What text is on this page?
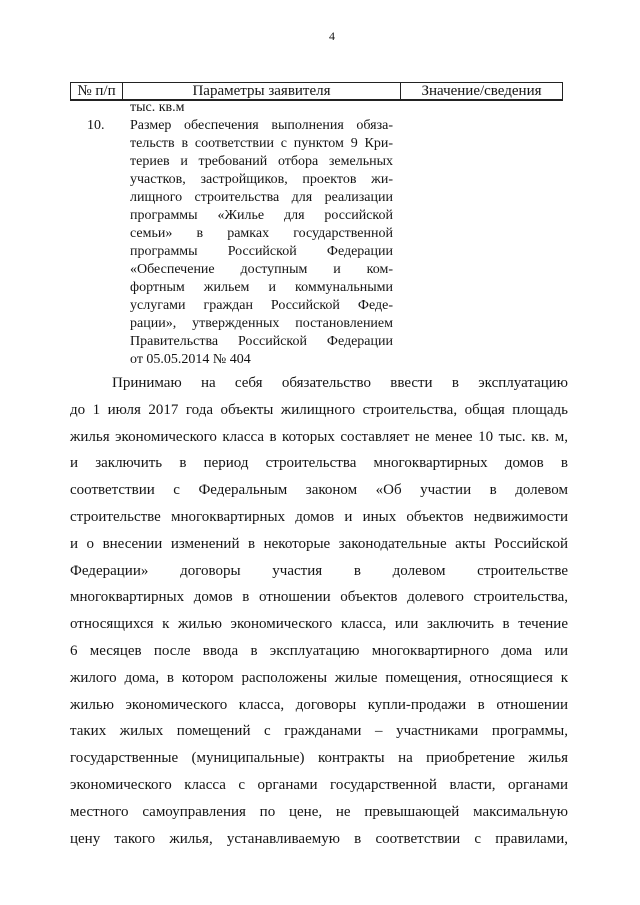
4
№ п/п	Параметры заявителя	Значение/сведения
тыс. кв.м
10. Размер обеспечения выполнения обяза-
тельств в соответствии с пунктом 9 Кри-
териев и требований отбора земельных
участков, застройщиков, проектов жи-
лищного строительства для реализации
программы «Жилье для российской
семьи» в рамках государственной
программы Российской Федерации
«Обеспечение доступным и ком-
фортным жильем и коммунальными
услугами граждан Российской Феде-
рации», утвержденных постановлением
Правительства Российской Федерации
от 05.05.2014 № 404
Принимаю на себя обязательство ввести в эксплуатацию
до 1 июля 2017 года объекты жилищного строительства, общая площадь
жилья экономического класса в которых составляет не менее 10 тыс. кв. м,
и заключить в период строительства многоквартирных домов в
соответствии с Федеральным законом «Об участии в долевом
строительстве многоквартирных домов и иных объектов недвижимости
и о внесении изменений в некоторые законодательные акты Российской
Федерации» договоры участия в долевом строительстве
многоквартирных домов в отношении объектов долевого строительства,
относящихся к жилью экономического класса, или заключить в течение
6 месяцев после ввода в эксплуатацию многоквартирного дома или
жилого дома, в котором расположены жилые помещения, относящиеся к
жилью экономического класса, договоры купли-продажи в отношении
таких жилых помещений с гражданами – участниками программы,
государственные (муниципальные) контракты на приобретение жилья
экономического класса с органами государственной власти, органами
местного самоуправления по цене, не превышающей максимальную
цену такого жилья, устанавливаемую в соответствии с правилами,
